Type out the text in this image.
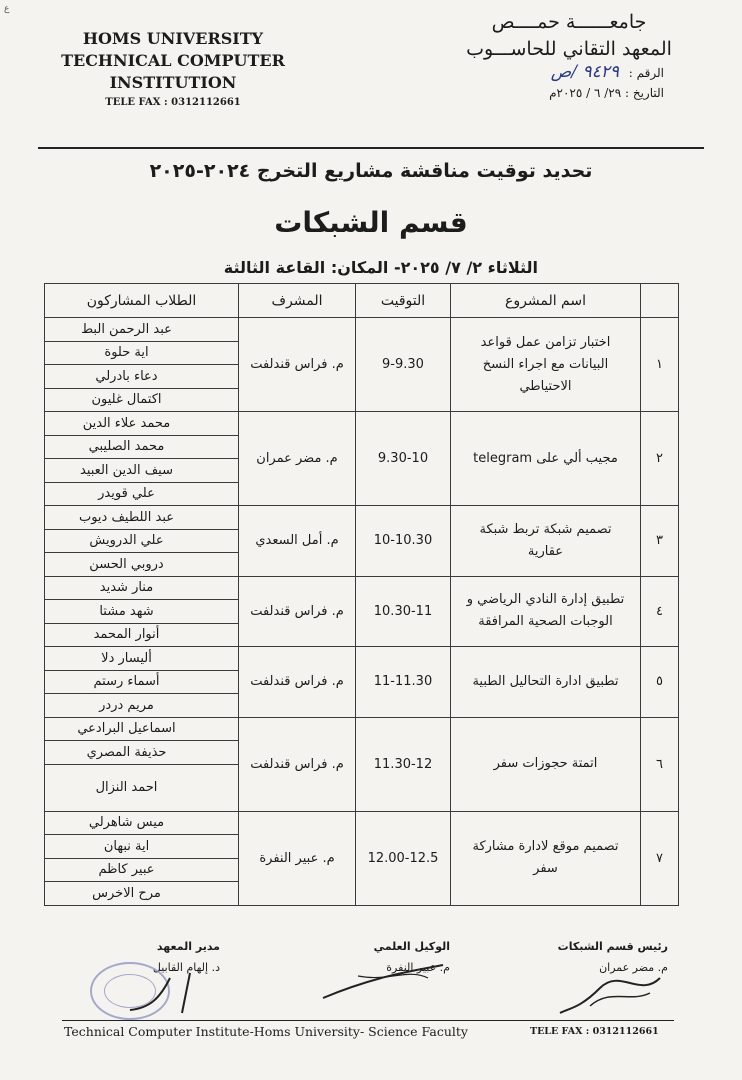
ع
HOMS UNIVERSITY
TECHNICAL COMPUTER
INSTITUTION
TELE FAX : 0312112661
جامعــــــة حمــــص
المعهد التقاني للحاســـوب
الرقم : ٩٤٢٩ /ص
التاريخ : ٢٩/ ٦ / ٢٠٢٥م
تحديد توقيت مناقشة مشاريع التخرج ٢٠٢٤-٢٠٢٥
قسم الشبكات
الثلاثاء ٢/ ٧/ ٢٠٢٥- المكان: القاعة الثالثة
	اسم المشروع	التوقيت	المشرف	الطلاب المشاركون
١	اختبار تزامن عمل قواعد البيانات مع اجراء النسخ الاحتياطي	9-9.30	م. فراس قندلفت	عبد الرحمن البط
				اية حلوة
				دعاء بادرلي
				اكتمال غليون
٢	مجيب ألي على telegram	9.30-10	م. مضر عمران	محمد علاء الدين
				محمد الصليبي
				سيف الدين العبيد
				علي قويدر
٣	تصميم شبكة تربط شبكة عقارية	10-10.30	م. أمل السعدي	عبد اللطيف ديوب
				علي الدرويش
				دروبي الحسن
٤	تطبيق إدارة النادي الرياضي و الوجبات الصحية المرافقة	10.30-11	م. فراس قندلفت	منار شديد
				شهد مشتا
				أنوار المحمد
٥	تطبيق ادارة التحاليل الطبية	11-11.30	م. فراس قندلفت	أليسار دلا
				أسماء رستم
				مريم دردر
٦	اتمتة حجوزات سفر	11.30-12	م. فراس قندلفت	اسماعيل البرادعي
				حذيفة المصري
				احمد النزال
٧	تصميم موقع لادارة مشاركة سفر	12.00-12.5	م. عبير النفرة	ميس شاهرلي
				اية نبهان
				عبير كاظم
				مرح الاخرس
رئيس قسم الشبكات
م. مضر عمران
الوكيل العلمي
م. عبير النفرة
مدير المعهد
د. إلهام القابيل
Technical Computer Institute-Homs University- Science Faculty	TELE FAX : 0312112661
